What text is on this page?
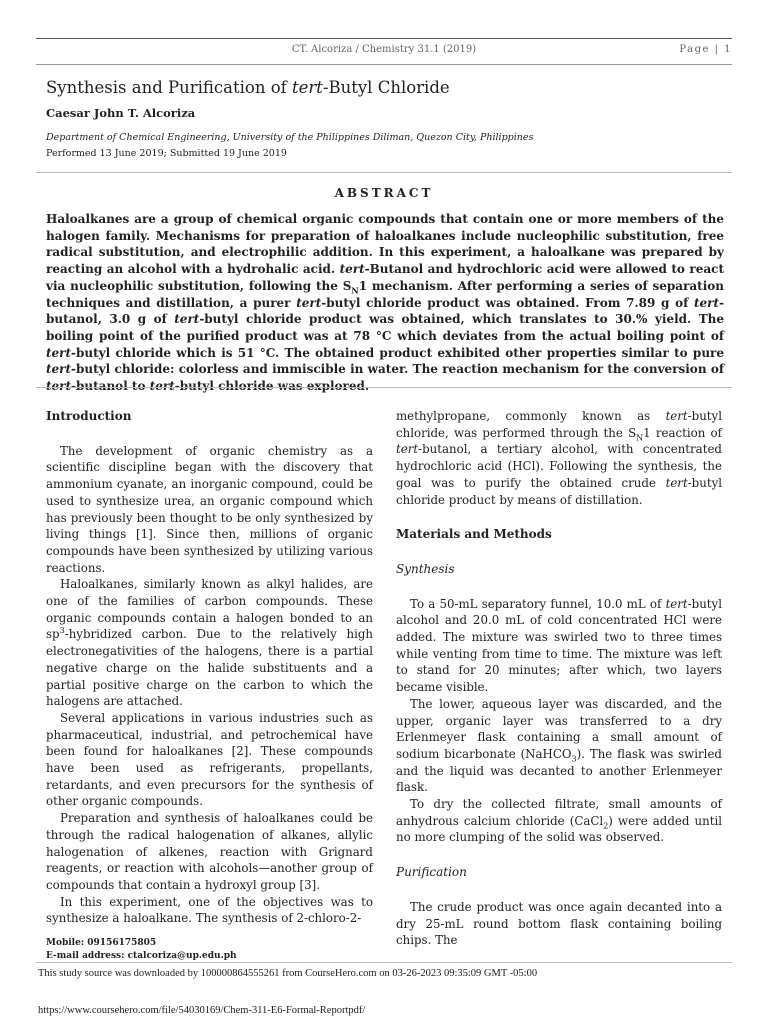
CT. Alcoriza / Chemistry 31.1 (2019)	Page | 1
Synthesis and Purification of tert-Butyl Chloride
Caesar John T. Alcoriza
Department of Chemical Engineering, University of the Philippines Diliman, Quezon City, Philippines
Performed 13 June 2019; Submitted 19 June 2019
ABSTRACT
Haloalkanes are a group of chemical organic compounds that contain one or more members of the halogen family. Mechanisms for preparation of haloalkanes include nucleophilic substitution, free radical substitution, and electrophilic addition. In this experiment, a haloalkane was prepared by reacting an alcohol with a hydrohalic acid. tert-Butanol and hydrochloric acid were allowed to react via nucleophilic substitution, following the $S_N1$ mechanism. After performing a series of separation techniques and distillation, a purer tert-butyl chloride product was obtained. From 7.89 g of tert-butanol, 3.0 g of tert-butyl chloride product was obtained, which translates to 30.% yield. The boiling point of the purified product was at 78 °C which deviates from the actual boiling point of tert-butyl chloride which is 51 °C. The obtained product exhibited other properties similar to pure tert-butyl chloride: colorless and immiscible in water. The reaction mechanism for the conversion of tert-butanol to tert-butyl chloride was explored.
Introduction

The development of organic chemistry as a scientific discipline began with the discovery that ammonium cyanate, an inorganic compound, could be used to synthesize urea, an organic compound which has previously been thought to be only synthesized by living things [1]. Since then, millions of organic compounds have been synthesized by utilizing various reactions.

Haloalkanes, similarly known as alkyl halides, are one of the families of carbon compounds. These organic compounds contain a halogen bonded to an $sp^3$-hybridized carbon. Due to the relatively high electronegativities of the halogens, there is a partial negative charge on the halide substituents and a partial positive charge on the carbon to which the halogens are attached.

Several applications in various industries such as pharmaceutical, industrial, and petrochemical have been found for haloalkanes [2]. These compounds have been used as refrigerants, propellants, retardants, and even precursors for the synthesis of other organic compounds.

Preparation and synthesis of haloalkanes could be through the radical halogenation of alkanes, allylic halogenation of alkenes, reaction with Grignard reagents, or reaction with alcohols—another group of compounds that contain a hydroxyl group [3].

In this experiment, one of the objectives was to synthesize a haloalkane. The synthesis of 2-chloro-2-

methylpropane, commonly known as tert-butyl chloride, was performed through the $S_N1$ reaction of tert-butanol, a tertiary alcohol, with concentrated hydrochloric acid (HCl). Following the synthesis, the goal was to purify the obtained crude tert-butyl chloride product by means of distillation.

Materials and Methods
Synthesis

To a 50-mL separatory funnel, 10.0 mL of tert-butyl alcohol and 20.0 mL of cold concentrated HCl were added. The mixture was swirled two to three times while venting from time to time. The mixture was left to stand for 20 minutes; after which, two layers became visible.

The lower, aqueous layer was discarded, and the upper, organic layer was transferred to a dry Erlenmeyer flask containing a small amount of sodium bicarbonate (NaHCO$_3$). The flask was swirled and the liquid was decanted to another Erlenmeyer flask.

To dry the collected filtrate, small amounts of anhydrous calcium chloride (CaCl$_2$) were added until no more clumping of the solid was observed.

Purification

The crude product was once again decanted into a dry 25-mL round bottom flask containing boiling chips. The

Mobile: 09156175805
E-mail address: ctalcoriza@up.edu.ph
This study source was downloaded by 100000864555261 from CourseHero.com on 03-26-2023 09:35:09 GMT -05:00
https://www.coursehero.com/file/54030169/Chem-311-E6-Formal-Reportpdf/
